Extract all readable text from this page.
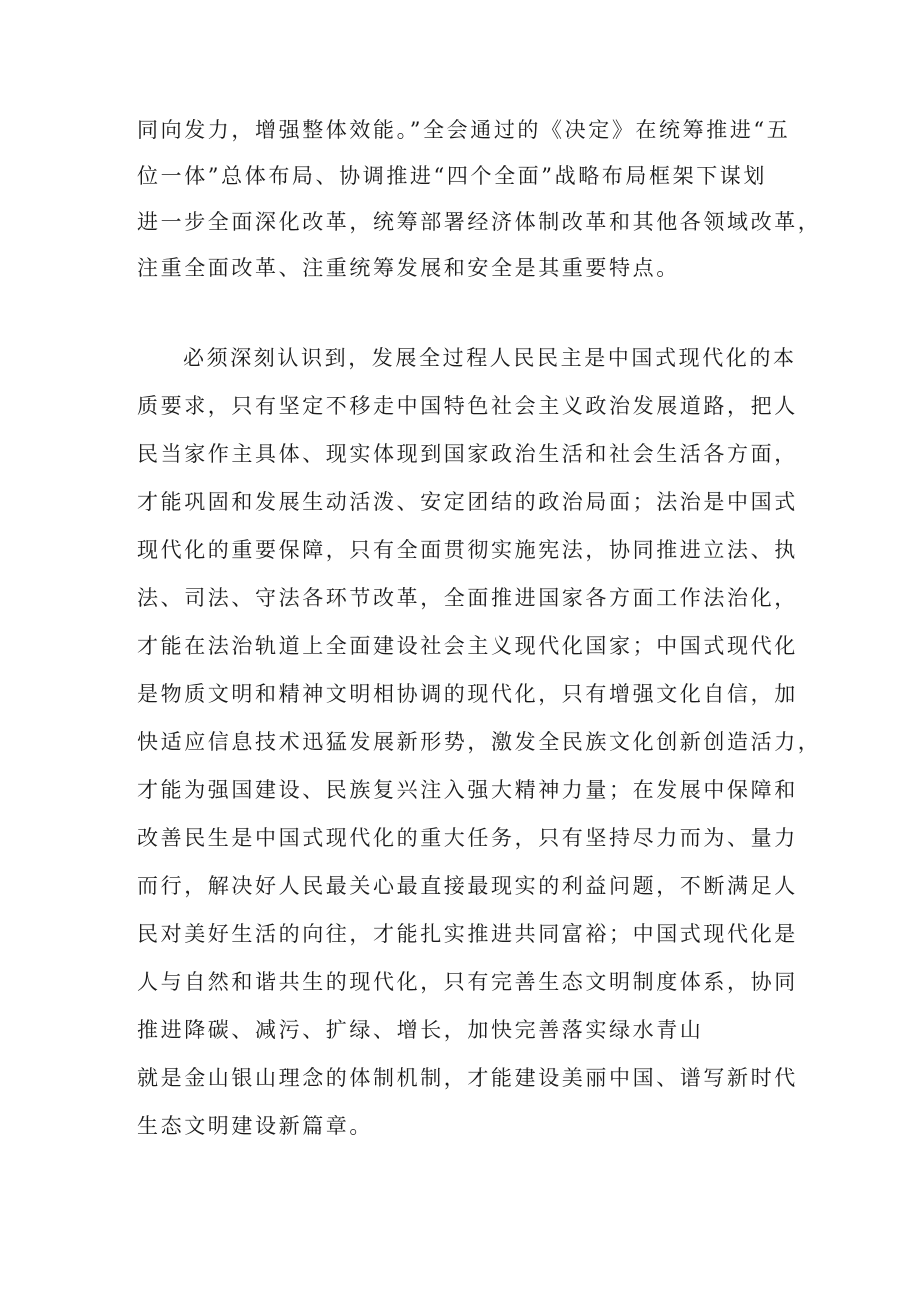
同向发力，增强整体效能。”全会通过的《决定》在统筹推进“五
位一体”总体布局、协调推进“四个全面”战略布局框架下谋划
进一步全面深化改革，统筹部署经济体制改革和其他各领域改革，
注重全面改革、注重统筹发展和安全是其重要特点。
必须深刻认识到，发展全过程人民民主是中国式现代化的本
质要求，只有坚定不移走中国特色社会主义政治发展道路，把人
民当家作主具体、现实体现到国家政治生活和社会生活各方面，
才能巩固和发展生动活泼、安定团结的政治局面；法治是中国式
现代化的重要保障，只有全面贯彻实施宪法，协同推进立法、执
法、司法、守法各环节改革，全面推进国家各方面工作法治化，
才能在法治轨道上全面建设社会主义现代化国家；中国式现代化
是物质文明和精神文明相协调的现代化，只有增强文化自信，加
快适应信息技术迅猛发展新形势，激发全民族文化创新创造活力，
才能为强国建设、民族复兴注入强大精神力量；在发展中保障和
改善民生是中国式现代化的重大任务，只有坚持尽力而为、量力
而行，解决好人民最关心最直接最现实的利益问题，不断满足人
民对美好生活的向往，才能扎实推进共同富裕；中国式现代化是
人与自然和谐共生的现代化，只有完善生态文明制度体系，协同
推进降碳、减污、扩绿、增长，加快完善落实绿水青山
就是金山银山理念的体制机制，才能建设美丽中国、谱写新时代
生态文明建设新篇章。
